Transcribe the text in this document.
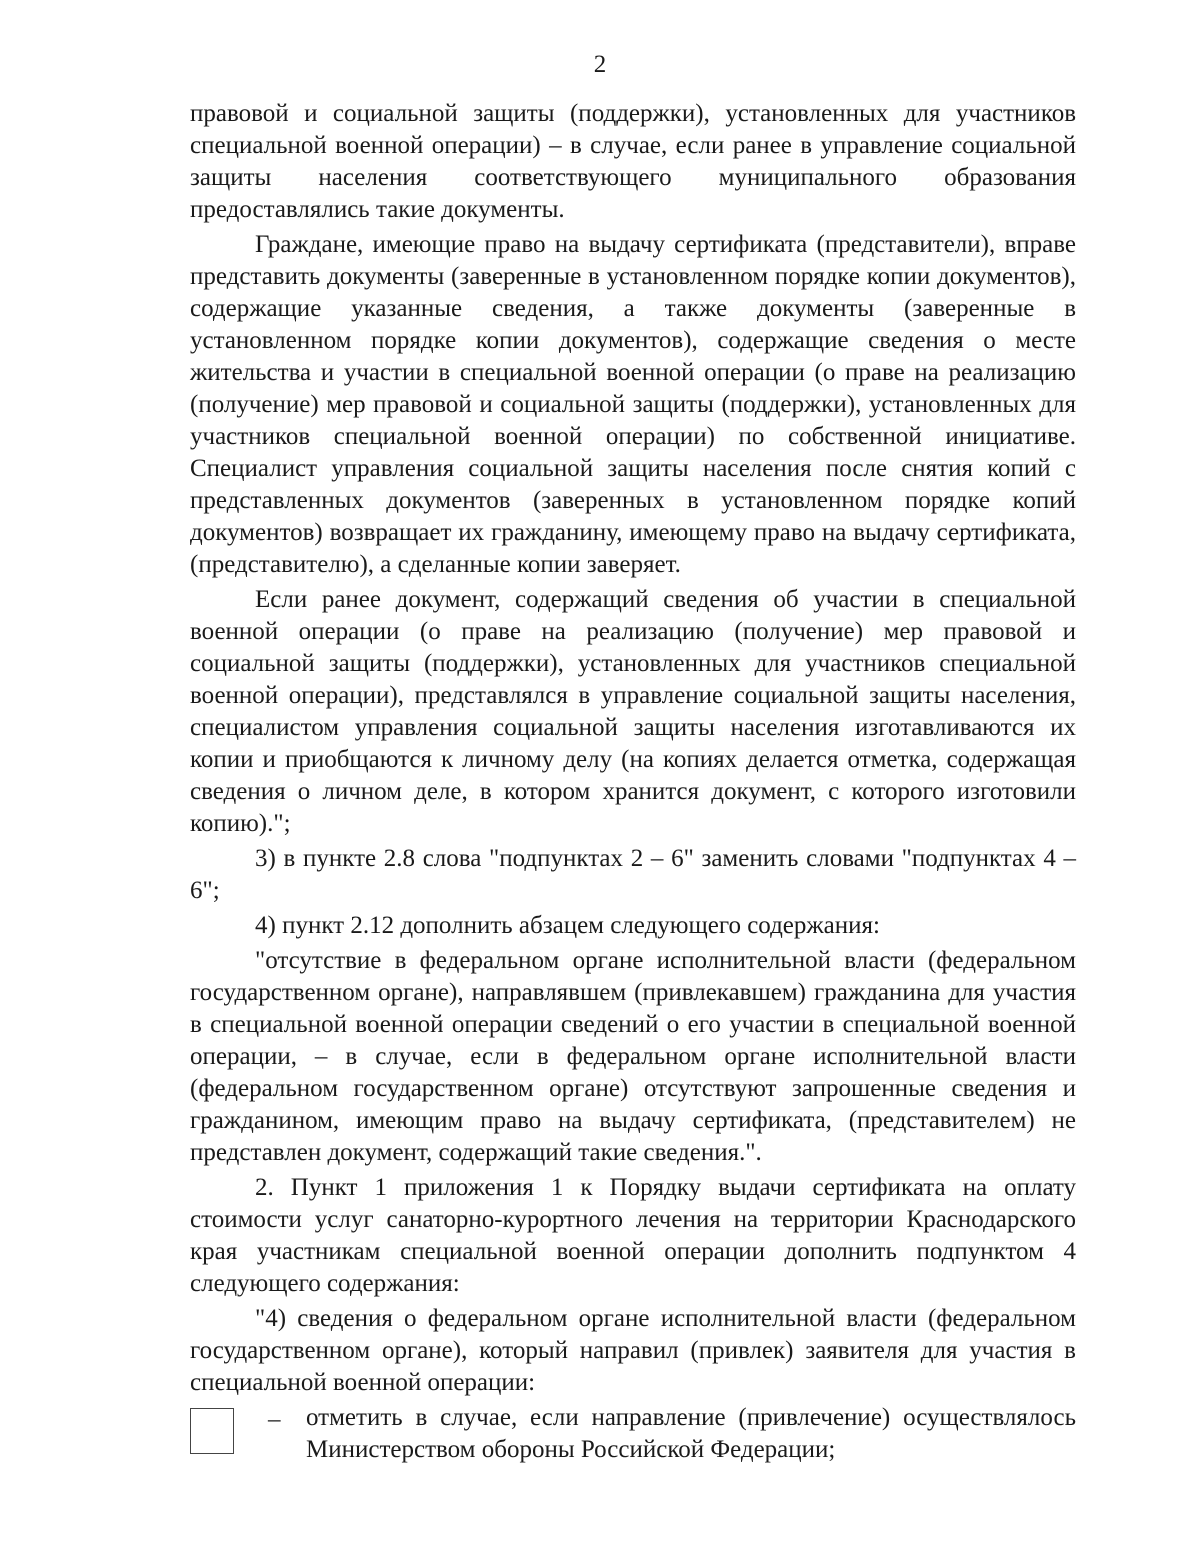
2

правовой и социальной защиты (поддержки), установленных для участников специальной военной операции) – в случае, если ранее в управление социальной защиты населения соответствующего муниципального образования предоставлялись такие документы.

Граждане, имеющие право на выдачу сертификата (представители), вправе представить документы (заверенные в установленном порядке копии документов), содержащие указанные сведения, а также документы (заверенные в установленном порядке копии документов), содержащие сведения о месте жительства и участии в специальной военной операции (о праве на реализацию (получение) мер правовой и социальной защиты (поддержки), установленных для участников специальной военной операции) по собственной инициативе. Специалист управления социальной защиты населения после снятия копий с представленных документов (заверенных в установленном порядке копий документов) возвращает их гражданину, имеющему право на выдачу сертификата, (представителю), а сделанные копии заверяет.

Если ранее документ, содержащий сведения об участии в специальной военной операции (о праве на реализацию (получение) мер правовой и социальной защиты (поддержки), установленных для участников специальной военной операции), представлялся в управление социальной защиты населения, специалистом управления социальной защиты населения изготавливаются их копии и приобщаются к личному делу (на копиях делается отметка, содержащая сведения о личном деле, в котором хранится документ, с которого изготовили копию).";

3) в пункте 2.8 слова "подпунктах 2 – 6" заменить словами "подпунктах 4 – 6";

4) пункт 2.12 дополнить абзацем следующего содержания:

"отсутствие в федеральном органе исполнительной власти (федеральном государственном органе), направлявшем (привлекавшем) гражданина для участия в специальной военной операции сведений о его участии в специальной военной операции, – в случае, если в федеральном органе исполнительной власти (федеральном государственном органе) отсутствуют запрошенные сведения и гражданином, имеющим право на выдачу сертификата, (представителем) не представлен документ, содержащий такие сведения.".

2. Пункт 1 приложения 1 к Порядку выдачи сертификата на оплату стоимости услуг санаторно-курортного лечения на территории Краснодарского края участникам специальной военной операции дополнить подпунктом 4 следующего содержания:

"4) сведения о федеральном органе исполнительной власти (федеральном государственном органе), который направил (привлек) заявителя для участия в специальной военной операции:

– отметить в случае, если направление (привлечение) осуществлялось Министерством обороны Российской Федерации;
